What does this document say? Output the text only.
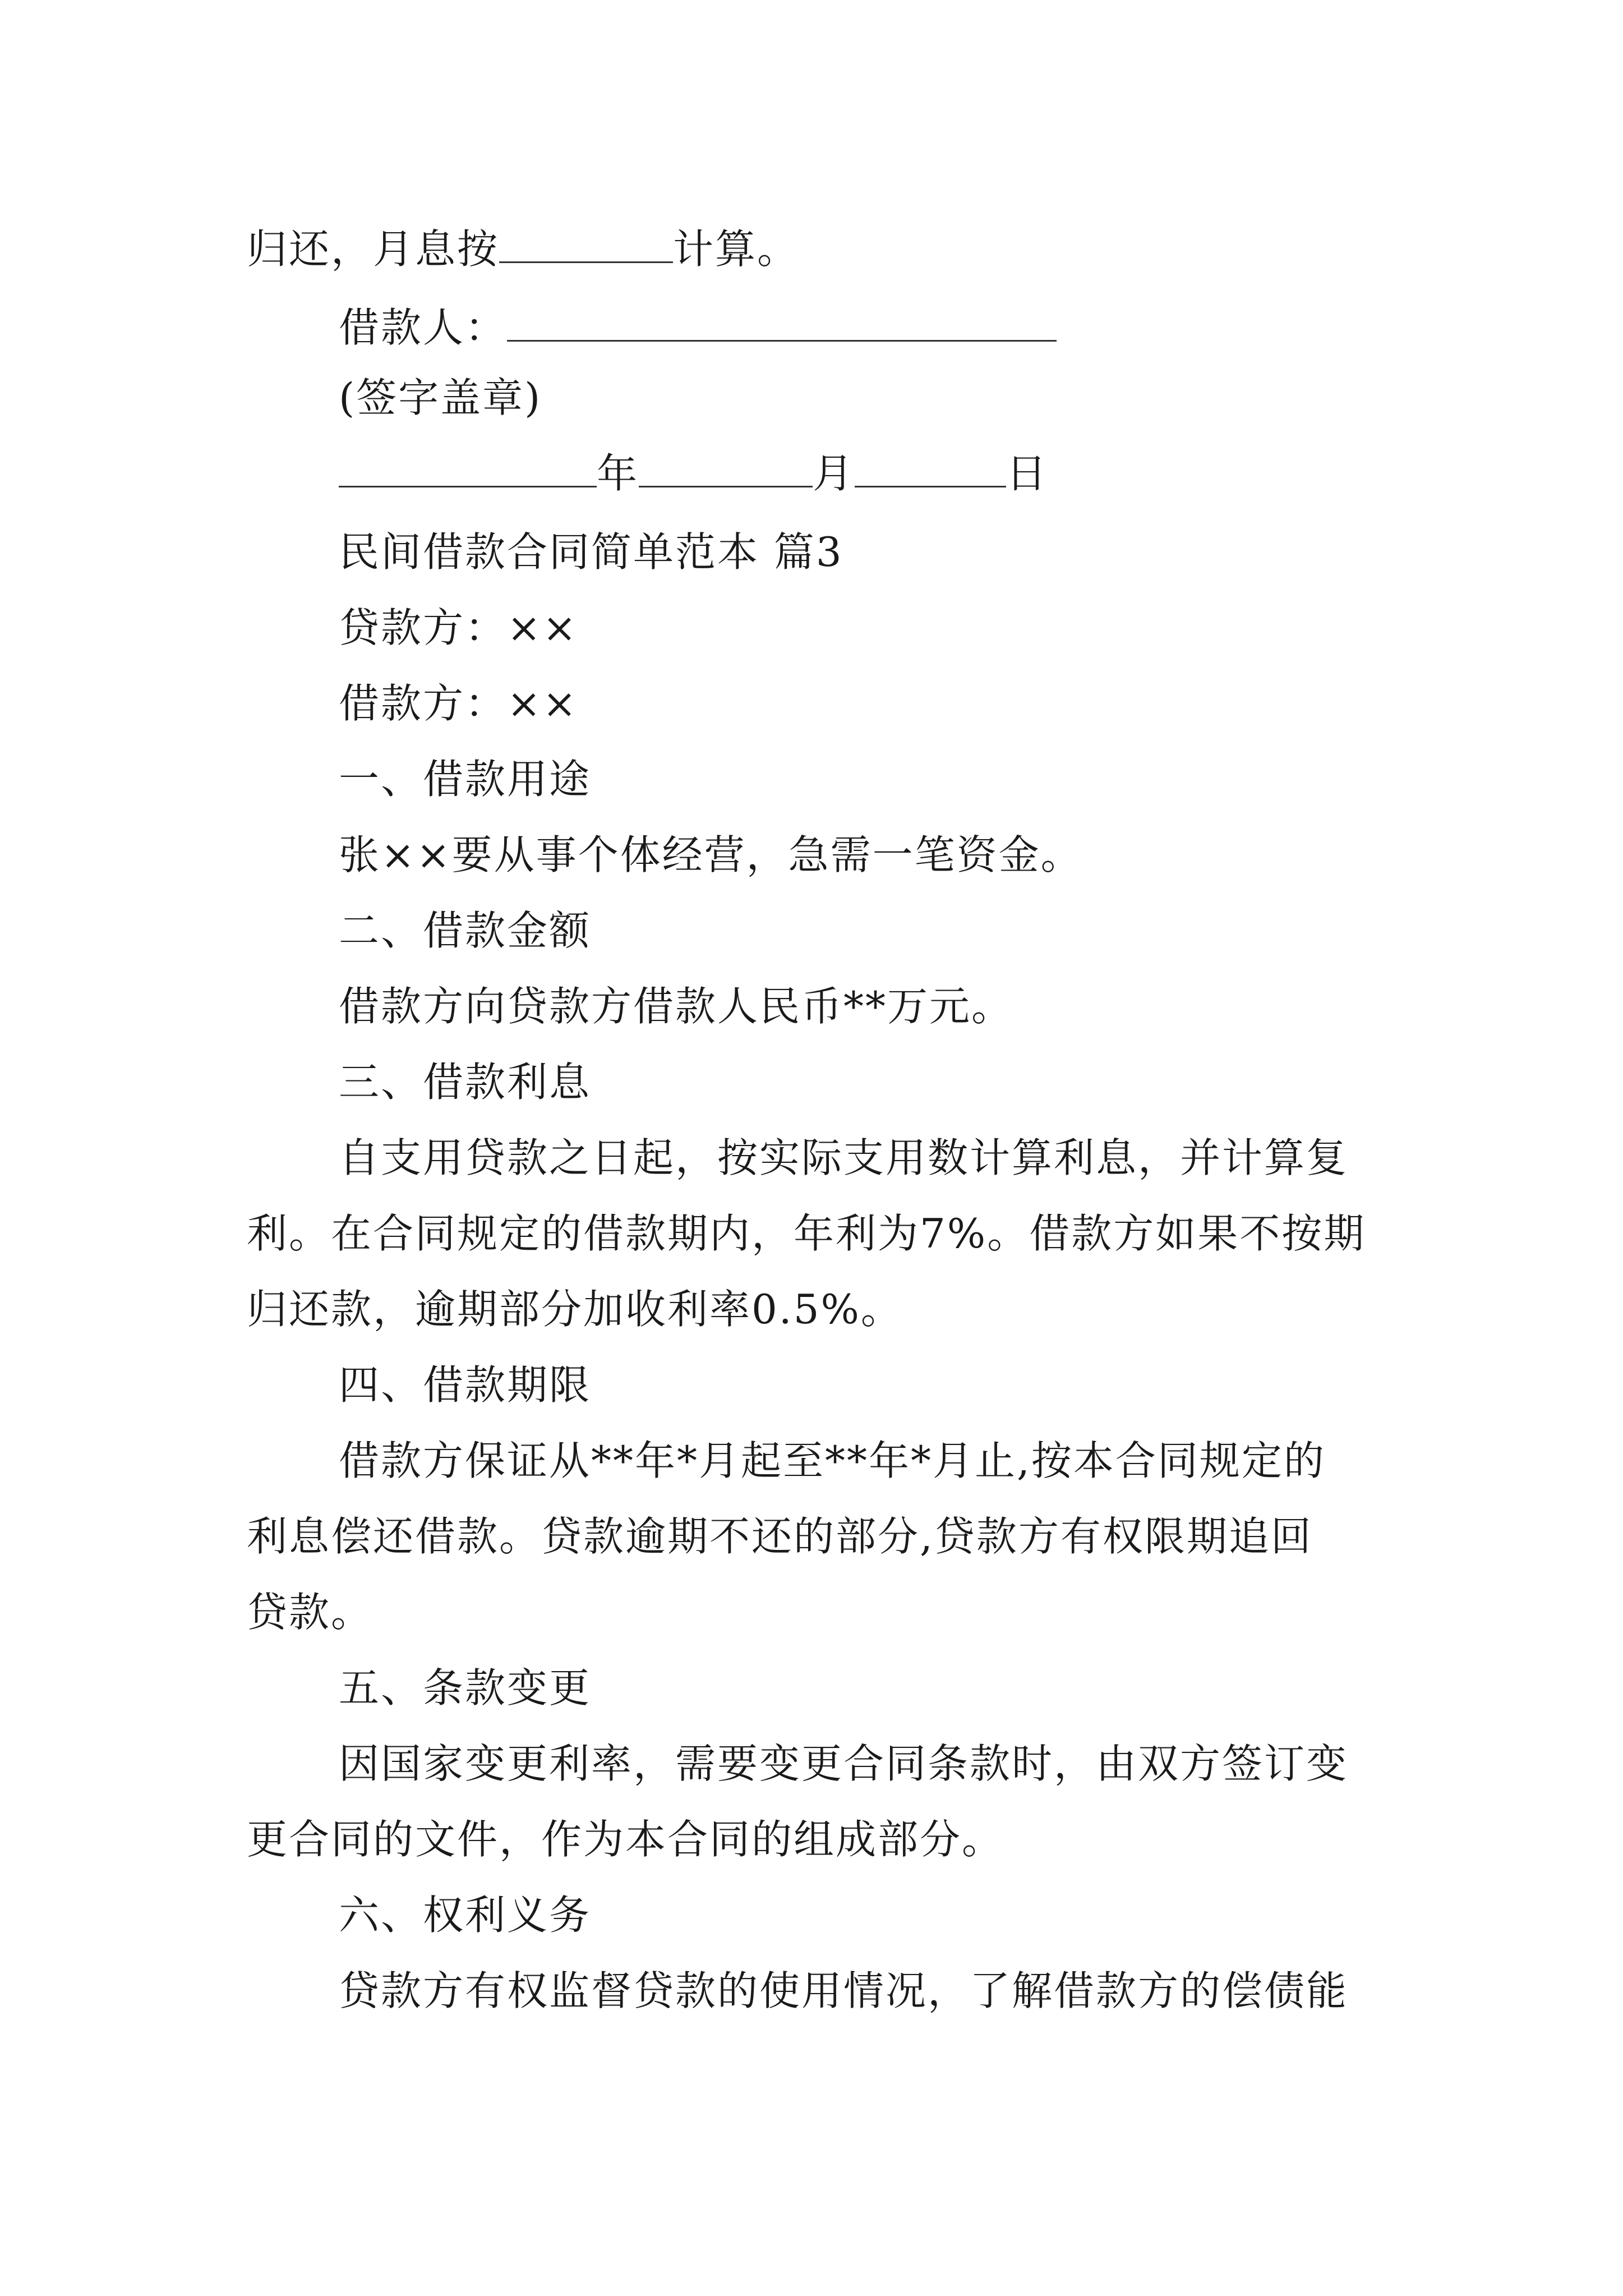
归还，月息按	计算。
借款人：
(签字盖章)
年	月	日
民间借款合同简单范本 篇3
贷款方：××
借款方：××
一、借款用途
张××要从事个体经营，急需一笔资金。
二、借款金额
借款方向贷款方借款人民币**万元。
三、借款利息
自支用贷款之日起，按实际支用数计算利息，并计算复
利。在合同规定的借款期内，年利为7%。借款方如果不按期
归还款，逾期部分加收利率0.5%。
四、借款期限
借款方保证从**年*月起至**年*月止,按本合同规定的
利息偿还借款。贷款逾期不还的部分,贷款方有权限期追回
贷款。
五、条款变更
因国家变更利率，需要变更合同条款时，由双方签订变
更合同的文件，作为本合同的组成部分。
六、权利义务
贷款方有权监督贷款的使用情况，了解借款方的偿债能
